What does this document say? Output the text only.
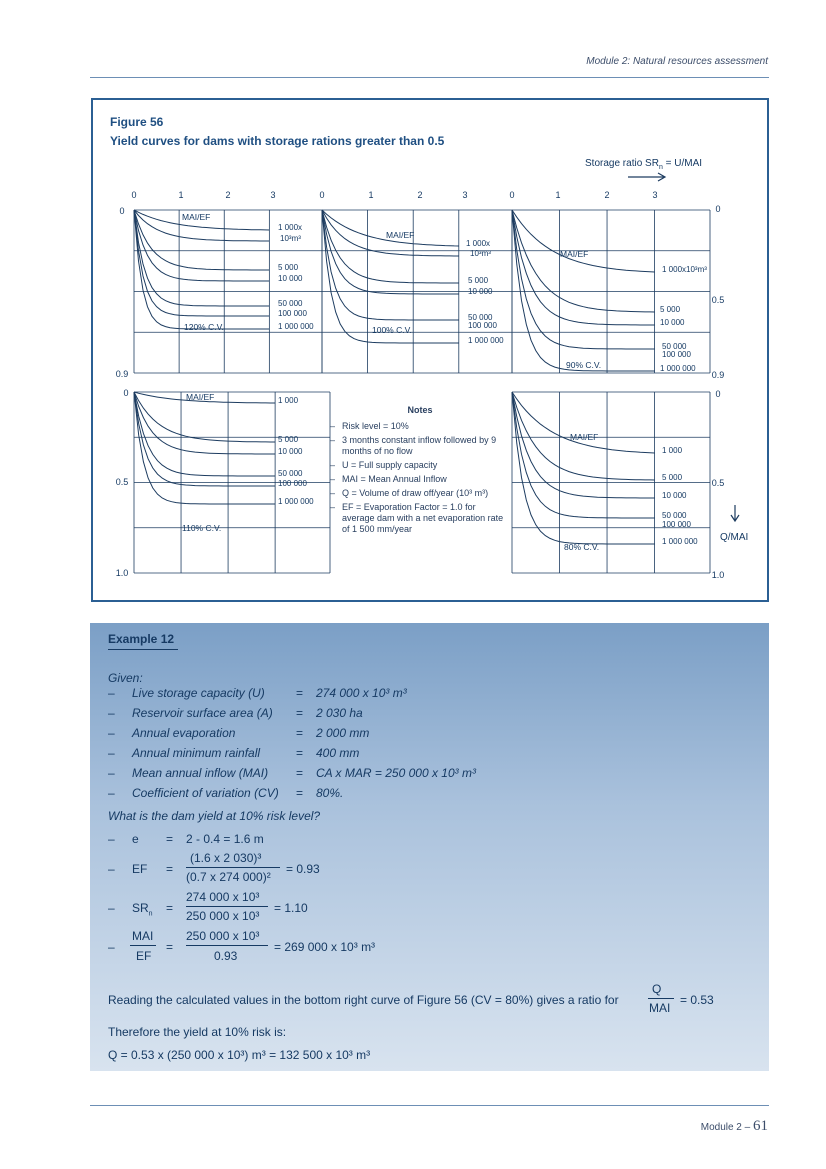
Module 2: Natural resources assessment
Figure 56
Yield curves for dams with storage rations greater than 0.5
MAI/EF
120% C.V.
1 000x
10³m³
5 000
10 000
50 000
100 000
1 000 000
MAI/EF
100% C.V.
1 000x
10³m³
5 000
10 000
50 000
100 000
1 000 000
MAI/EF
90% C.V.
1 000x10³m³
5 000
10 000
50 000
100 000
1 000 000
MAI/EF
110% C.V.
1 000
5 000
10 000
50 000
100 000
1 000 000
MAI/EF
80% C.V.
1 000
5 000
10 000
50 000
100 000
1 000 000
0	1	2	3	0	1	2	3	0	1	2	3
0
0.9
0
0.5
1.0
0
0.5
0.9
0
0.5
1.0
Storage ratio $SR_n = U/MAI$
Q/MAI
Notes
– Risk level = 10%
– 3 months constant inflow followed by 9 months of no flow
– U = Full supply capacity
– MAI = Mean Annual Inflow
– Q = Volume of draw off/year (10³ m³)
– EF = Evaporation Factor = 1.0 for average dam with a net evaporation rate of 1 500 mm/year
Example 12
Given:
– Live storage capacity (U)	= 274 000 x 10³ m³
– Reservoir surface area (A) = 2 030 ha
– Annual evaporation	= 2 000 mm
– Annual minimum rainfall	= 400 mm
– Mean annual inflow (MAI) = CA x MAR = 250 000 x 10³ m³
– Coefficient of variation (CV) = 80%.
What is the dam yield at 10% risk level?
– e = 2 - 0.4 = 1.6 m
– EF =
(1.6 x 2 030)³
(0.7 x 274 000)²
= 0.93
– $SR_n$ =
274 000 x 10³
250 000 x 10³
= 1.10
–
MAI
EF
=
250 000 x 10³
0.93
= 269 000 x 10³ m³
Reading the calculated values in the bottom right curve of Figure 56 (CV = 80%) gives a ratio for
Q
MAI
= 0.53
Therefore the yield at 10% risk is:
Q = 0.53 x (250 000 x 10³) m³ = 132 500 x 10³ m³
Module 2 – 61
